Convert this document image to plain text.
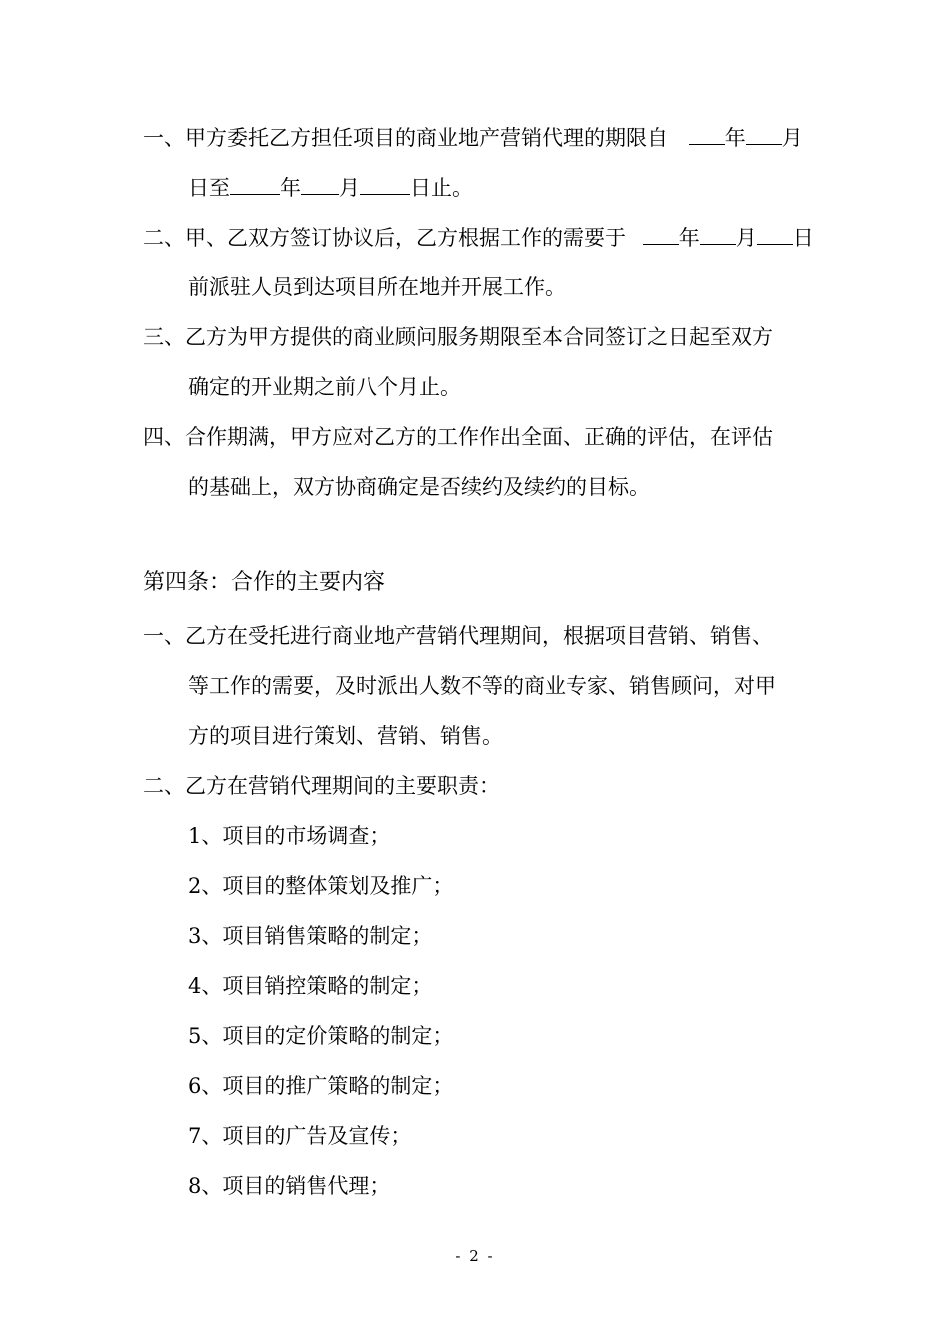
一、甲方委托乙方担任项目的商业地产营销代理的期限自	年 月
日至 年 月 日止。
二、甲、乙双方签订协议后，乙方根据工作的需要于	年 月 日
前派驻人员到达项目所在地并开展工作。
三、乙方为甲方提供的商业顾问服务期限至本合同签订之日起至双方
确定的开业期之前八个月止。
四、合作期满，甲方应对乙方的工作作出全面、正确的评估，在评估
的基础上，双方协商确定是否续约及续约的目标。
第四条：合作的主要内容
一、乙方在受托进行商业地产营销代理期间，根据项目营销、销售、
等工作的需要，及时派出人数不等的商业专家、销售顾问，对甲
方的项目进行策划、营销、销售。
二、乙方在营销代理期间的主要职责：
1、项目的市场调查；
2、项目的整体策划及推广；
3、项目销售策略的制定；
4、项目销控策略的制定；
5、项目的定价策略的制定；
6、项目的推广策略的制定；
7、项目的广告及宣传；
8、项目的销售代理；
- 2 -
